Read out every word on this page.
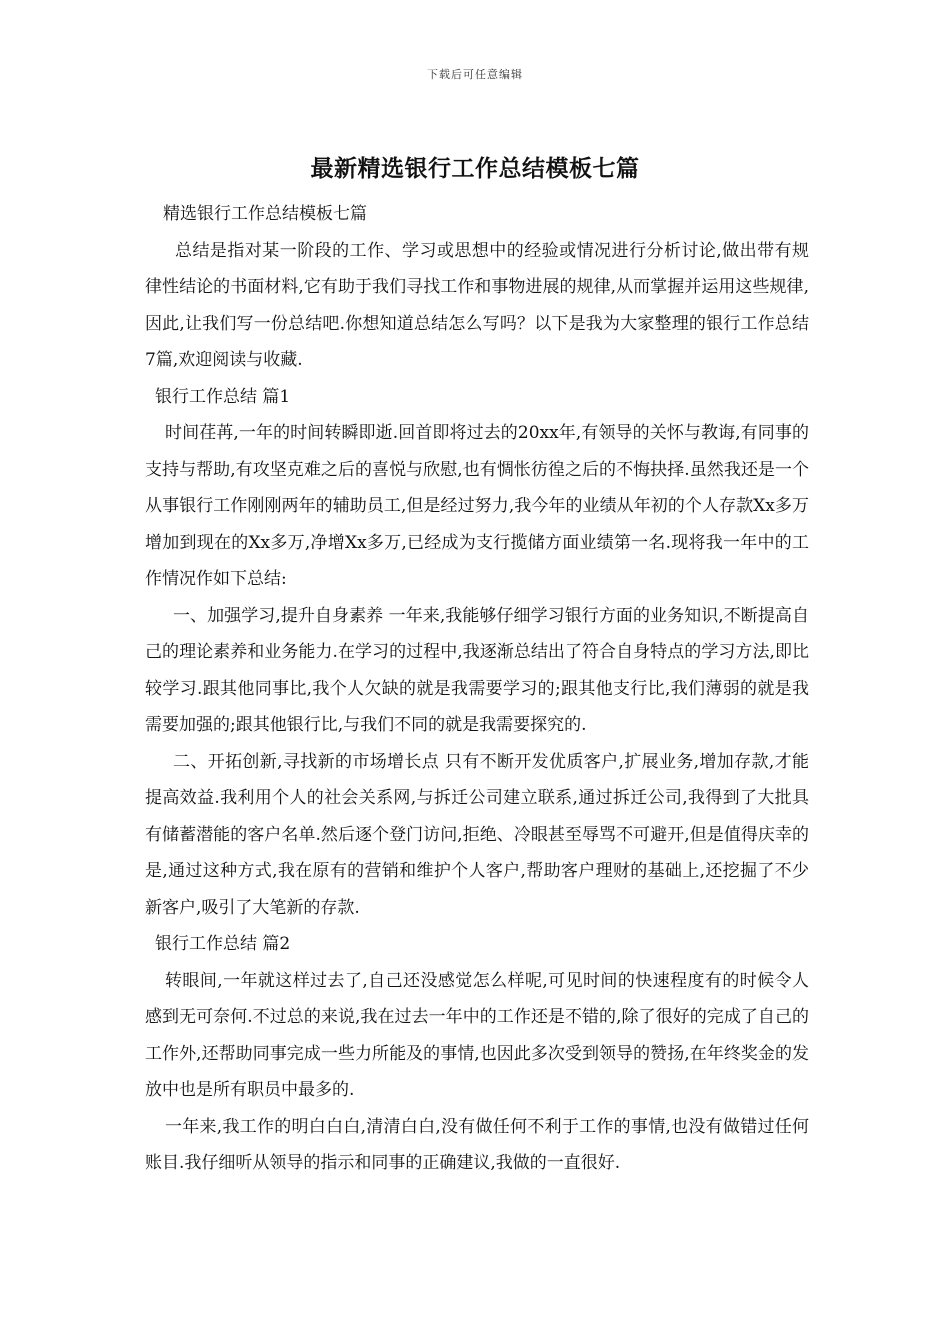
下载后可任意编辑
最新精选银行工作总结模板七篇

精选银行工作总结模板七篇

总结是指对某一阶段的工作、学习或思想中的经验或情况进行分析讨论,做出带有规律性结论的书面材料,它有助于我们寻找工作和事物进展的规律,从而掌握并运用这些规律,因此,让我们写一份总结吧.你想知道总结怎么写吗？以下是我为大家整理的银行工作总结7篇,欢迎阅读与收藏.

银行工作总结 篇1

时间荏苒,一年的时间转瞬即逝.回首即将过去的20xx年,有领导的关怀与教诲,有同事的支持与帮助,有攻坚克难之后的喜悦与欣慰,也有惆怅彷徨之后的不悔抉择.虽然我还是一个从事银行工作刚刚两年的辅助员工,但是经过努力,我今年的业绩从年初的个人存款Xx多万增加到现在的Xx多万,净增Xx多万,已经成为支行揽储方面业绩第一名.现将我一年中的工作情况作如下总结:

一、加强学习,提升自身素养 一年来,我能够仔细学习银行方面的业务知识,不断提高自己的理论素养和业务能力.在学习的过程中,我逐渐总结出了符合自身特点的学习方法,即比较学习.跟其他同事比,我个人欠缺的就是我需要学习的;跟其他支行比,我们薄弱的就是我需要加强的;跟其他银行比,与我们不同的就是我需要探究的.

二、开拓创新,寻找新的市场增长点 只有不断开发优质客户,扩展业务,增加存款,才能提高效益.我利用个人的社会关系网,与拆迁公司建立联系,通过拆迁公司,我得到了大批具有储蓄潜能的客户名单.然后逐个登门访问,拒绝、冷眼甚至辱骂不可避开,但是值得庆幸的是,通过这种方式,我在原有的营销和维护个人客户,帮助客户理财的基础上,还挖掘了不少新客户,吸引了大笔新的存款.

银行工作总结 篇2

转眼间,一年就这样过去了,自己还没感觉怎么样呢,可见时间的快速程度有的时候令人感到无可奈何.不过总的来说,我在过去一年中的工作还是不错的,除了很好的完成了自己的工作外,还帮助同事完成一些力所能及的事情,也因此多次受到领导的赞扬,在年终奖金的发放中也是所有职员中最多的.

一年来,我工作的明白白白,清清白白,没有做任何不利于工作的事情,也没有做错过任何账目.我仔细听从领导的指示和同事的正确建议,我做的一直很好.
